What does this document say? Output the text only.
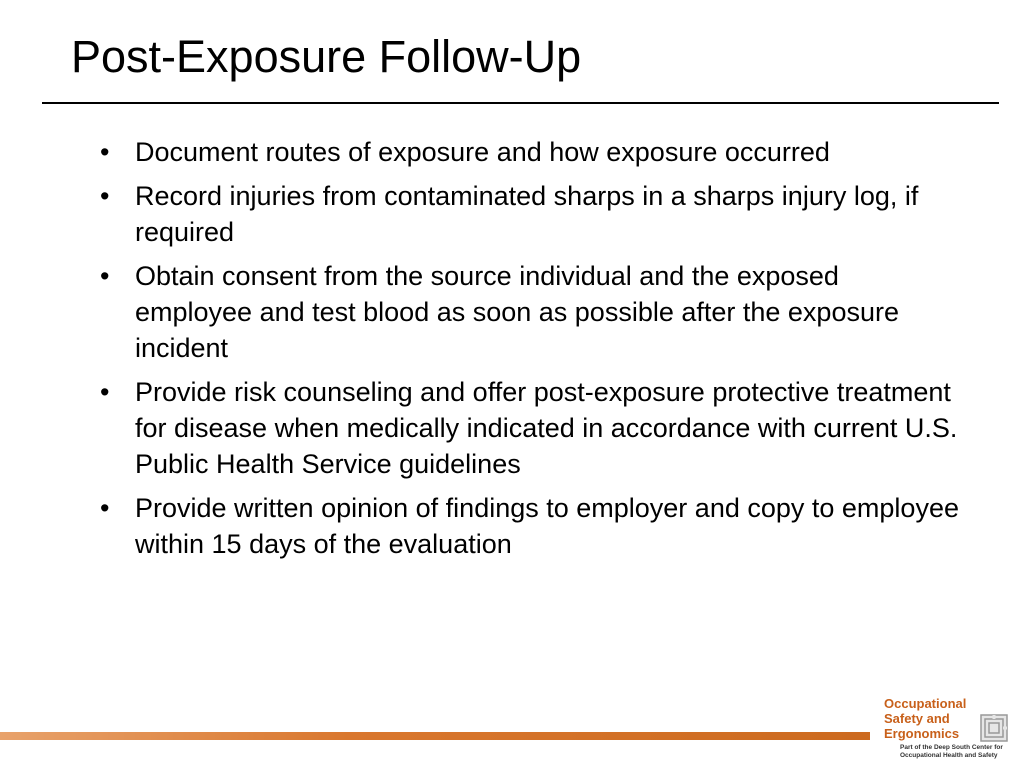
Post-Exposure Follow-Up
• Document routes of exposure and how exposure occurred
• Record injuries from contaminated sharps in a sharps injury log, if required
• Obtain consent from the source individual and the exposed employee and test blood as soon as possible after the exposure incident
• Provide risk counseling and offer post-exposure protective treatment for disease when medically indicated in accordance with current U.S. Public Health Service guidelines
• Provide written opinion of findings to employer and copy to employee within 15 days of the evaluation
Occupational
Safety and
Ergonomics
Part of the Deep South Center for
Occupational Health and Safety
